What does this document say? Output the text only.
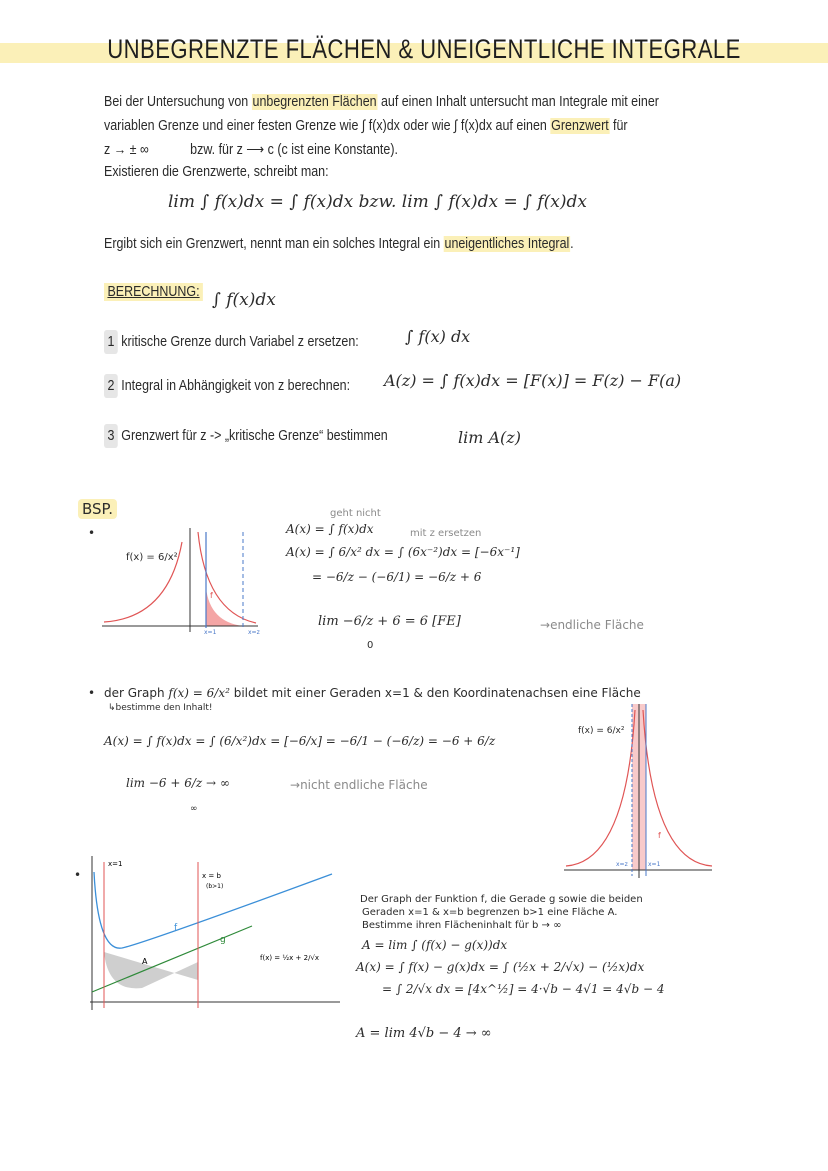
UNBEGRENZTE FLÄCHEN & UNEIGENTLICHE INTEGRALE
Bei der Untersuchung von unbegrenzten Flächen auf einen Inhalt untersucht man Integrale mit einer
variablen Grenze und einer festen Grenze wie ∫ f(x)dx oder wie ∫ f(x)dx auf einen Grenzwert für
z → ± ∞	bzw. für z ⟶ c (c ist eine Konstante).
Existieren die Grenzwerte, schreibt man:
lim ∫ f(x)dx = ∫ f(x)dx bzw. lim ∫ f(x)dx = ∫ f(x)dx
Ergibt sich ein Grenzwert, nennt man ein solches Integral ein uneigentliches Integral.
BERECHNUNG: ∫ f(x)dx
1 kritische Grenze durch Variabel z ersetzen:	∫ f(x) dx
2 Integral in Abhängigkeit von z berechnen: A(z) = ∫ f(x)dx = [F(x)] = F(z) − F(a)
3 Grenzwert für z -> „kritische Grenze“ bestimmen	lim A(z)
BSP.
•
f(x) = 6/x²
f
x=1	x=z
geht nicht
A(x) = ∫ f(x)dx	mit z ersetzen
A(x) = ∫ 6/x² dx = ∫ (6x⁻²)dx = [−6x⁻¹]
= −6/z − (−6/1) = −6/z + 6
lim −6/z + 6 = 6 [FE]
0
→endliche Fläche
• der Graph f(x) = 6/x² bildet mit einer Geraden x=1 & den Koordinatenachsen eine Fläche
↳bestimme den Inhalt!
A(x) = ∫ f(x)dx = ∫ (6/x²)dx = [−6/x] = −6/1 − (−6/z) = −6 + 6/z
lim −6 + 6/z → ∞
∞
→nicht endliche Fläche
f(x) = 6/x²
f
x=z	x=1
•
x=1
x = b
(b>1)
f
g
A	f(x) = ½x + 2/√x
Der Graph der Funktion f, die Gerade g sowie die beiden
Geraden x=1 & x=b begrenzen b>1 eine Fläche A.
Bestimme ihren Flächeninhalt für b → ∞
A = lim ∫ (f(x) − g(x))dx
A(x) = ∫ f(x) − g(x)dx = ∫ (½x + 2/√x) − (½x)dx
= ∫ 2/√x dx = [4x^½] = 4·√b − 4√1 = 4√b − 4
A = lim 4√b − 4 → ∞
